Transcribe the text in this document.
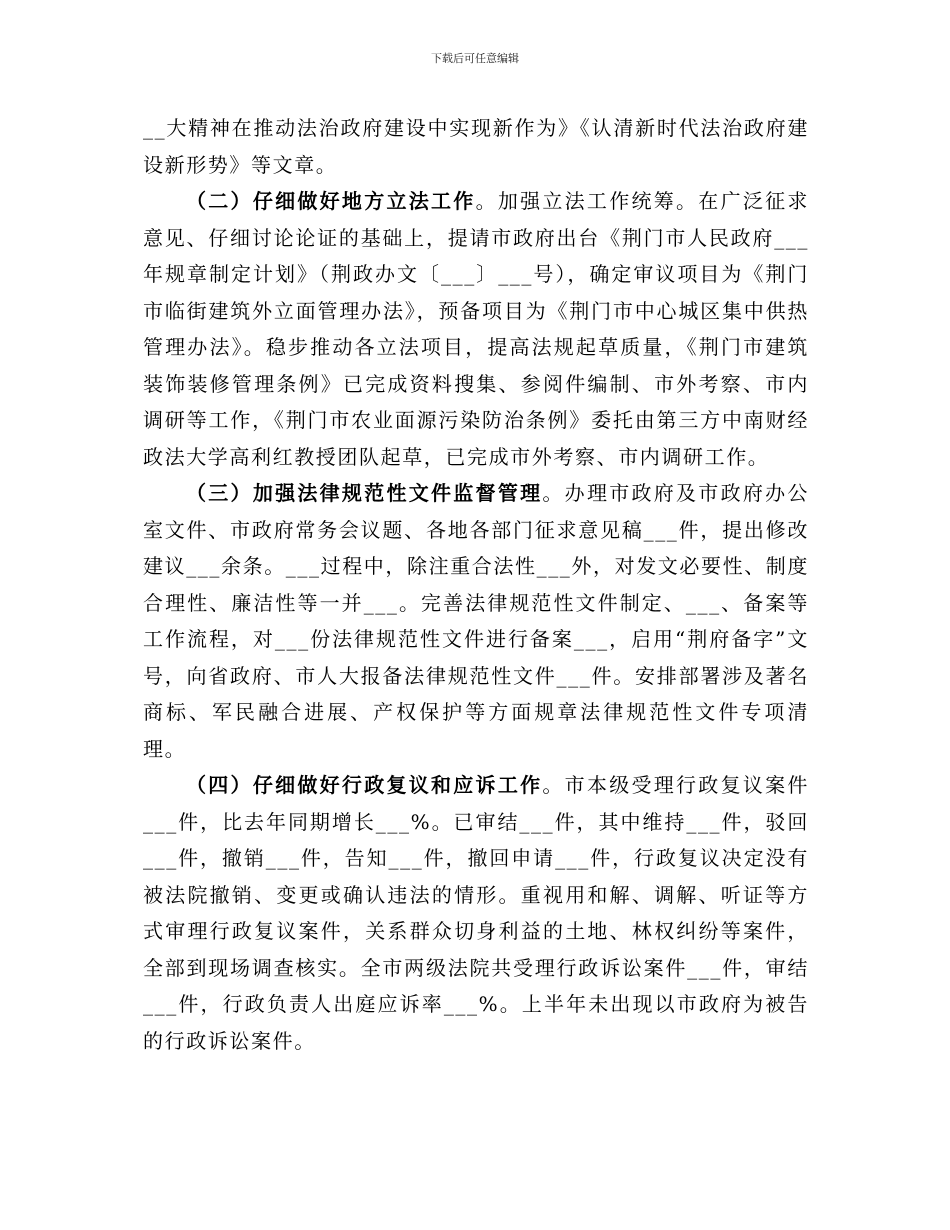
下载后可任意编辑

__大精神在推动法治政府建设中实现新作为》《认清新时代法治政府建设新形势》等文章。

（二）仔细做好地方立法工作。加强立法工作统筹。在广泛征求意见、仔细讨论论证的基础上，提请市政府出台《荆门市人民政府___年规章制定计划》（荆政办文〔___〕___号），确定审议项目为《荆门市临街建筑外立面管理办法》，预备项目为《荆门市中心城区集中供热管理办法》。稳步推动各立法项目，提高法规起草质量，《荆门市建筑装饰装修管理条例》已完成资料搜集、参阅件编制、市外考察、市内调研等工作，《荆门市农业面源污染防治条例》委托由第三方中南财经政法大学高利红教授团队起草，已完成市外考察、市内调研工作。

（三）加强法律规范性文件监督管理。办理市政府及市政府办公室文件、市政府常务会议题、各地各部门征求意见稿___件，提出修改建议___余条。___过程中，除注重合法性___外，对发文必要性、制度合理性、廉洁性等一并___。完善法律规范性文件制定、___、备案等工作流程，对___份法律规范性文件进行备案___，启用“荆府备字”文号，向省政府、市人大报备法律规范性文件___件。安排部署涉及著名商标、军民融合进展、产权保护等方面规章法律规范性文件专项清理。

（四）仔细做好行政复议和应诉工作。市本级受理行政复议案件___件，比去年同期增长___%。已审结___件，其中维持___件，驳回___件，撤销___件，告知___件，撤回申请___件，行政复议决定没有被法院撤销、变更或确认违法的情形。重视用和解、调解、听证等方式审理行政复议案件，关系群众切身利益的土地、林权纠纷等案件，全部到现场调查核实。全市两级法院共受理行政诉讼案件___件，审结___件，行政负责人出庭应诉率___%。上半年未出现以市政府为被告的行政诉讼案件。
